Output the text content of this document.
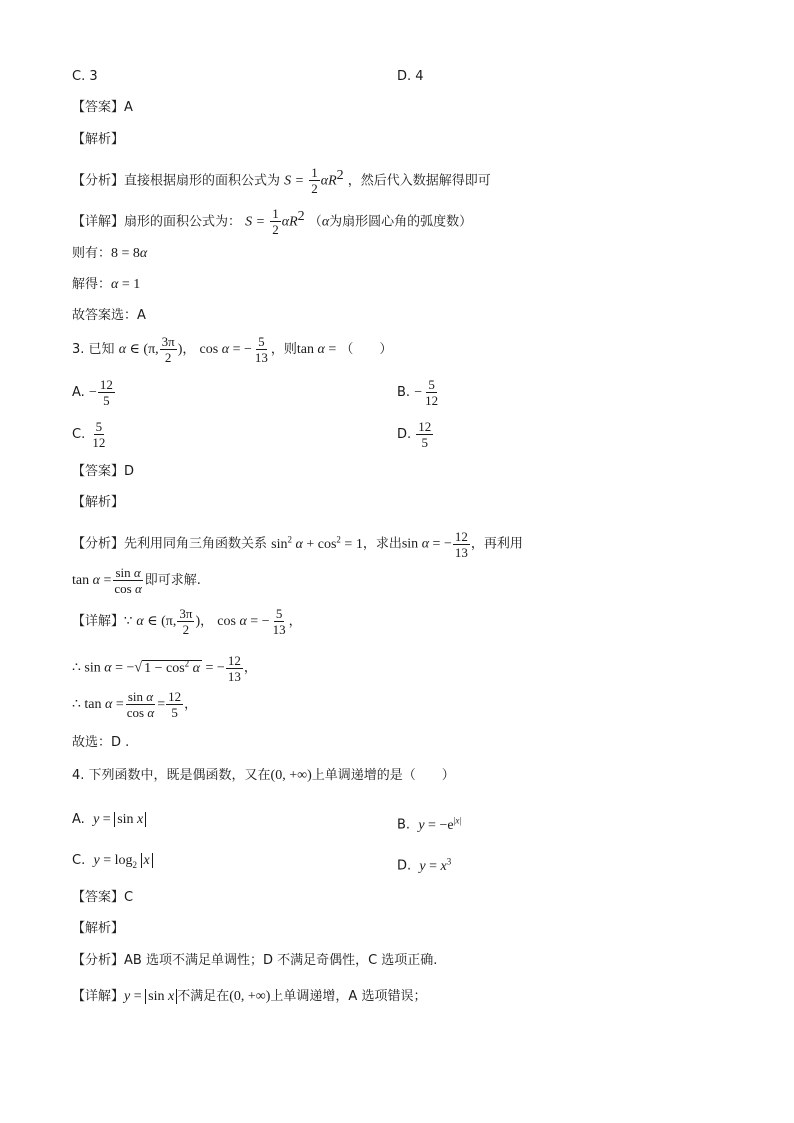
C. 3	D. 4
【答案】A
【解析】
【分析】直接根据扇形的面积公式为 $S = \frac{1}{2} \alpha R^2$ ，然后代入数据解得即可
【详解】扇形的面积公式为： $S = \frac{1}{2} \alpha R^2$ （α为扇形圆心角的弧度数）
则有：8 = 8α
解得：α = 1
故答案选：A
3. 已知 α ∈ (π, $\frac{3\pi}{2}$ )， cos α = − $\frac{5}{13}$ ，则tan α = （　　）
A. − $\frac{12}{5}$	B. − $\frac{5}{12}$
C. $\frac{5}{12}$	D. $\frac{12}{5}$
【答案】D
【解析】
【分析】先利用同角三角函数关系 $\sin^2 \alpha + \cos^2 = 1$，求出sin α = − $\frac{12}{13}$ ，再利用
$\tan \alpha = \frac{\text{sin α}}{\text{cos α}}$ 即可求解.
【详解】∵ α ∈ (π, $\frac{3\pi}{2}$ )， cos α = − $\frac{5}{13}$ ，
∴ sin α = −√ $1 - \cos^2 \alpha$ = − $\frac{12}{13}$ ，
∴ $\tan \alpha = \frac{\text{sin α}}{\text{cos α}} = \frac{12}{5}$ ，
故选：D .
4. 下列函数中，既是偶函数，又在(0, +∞)上单调递增的是（　　）
A. y = sin x	B. $y = -e^{|x|}$
C. $y = \log_2 x$	D. $y = x^3$
【答案】C
【解析】
【分析】AB 选项不满足单调性；D 不满足奇偶性，C 选项正确.
【详解】y = sin x 不满足在(0, +∞)上单调递增，A 选项错误；
